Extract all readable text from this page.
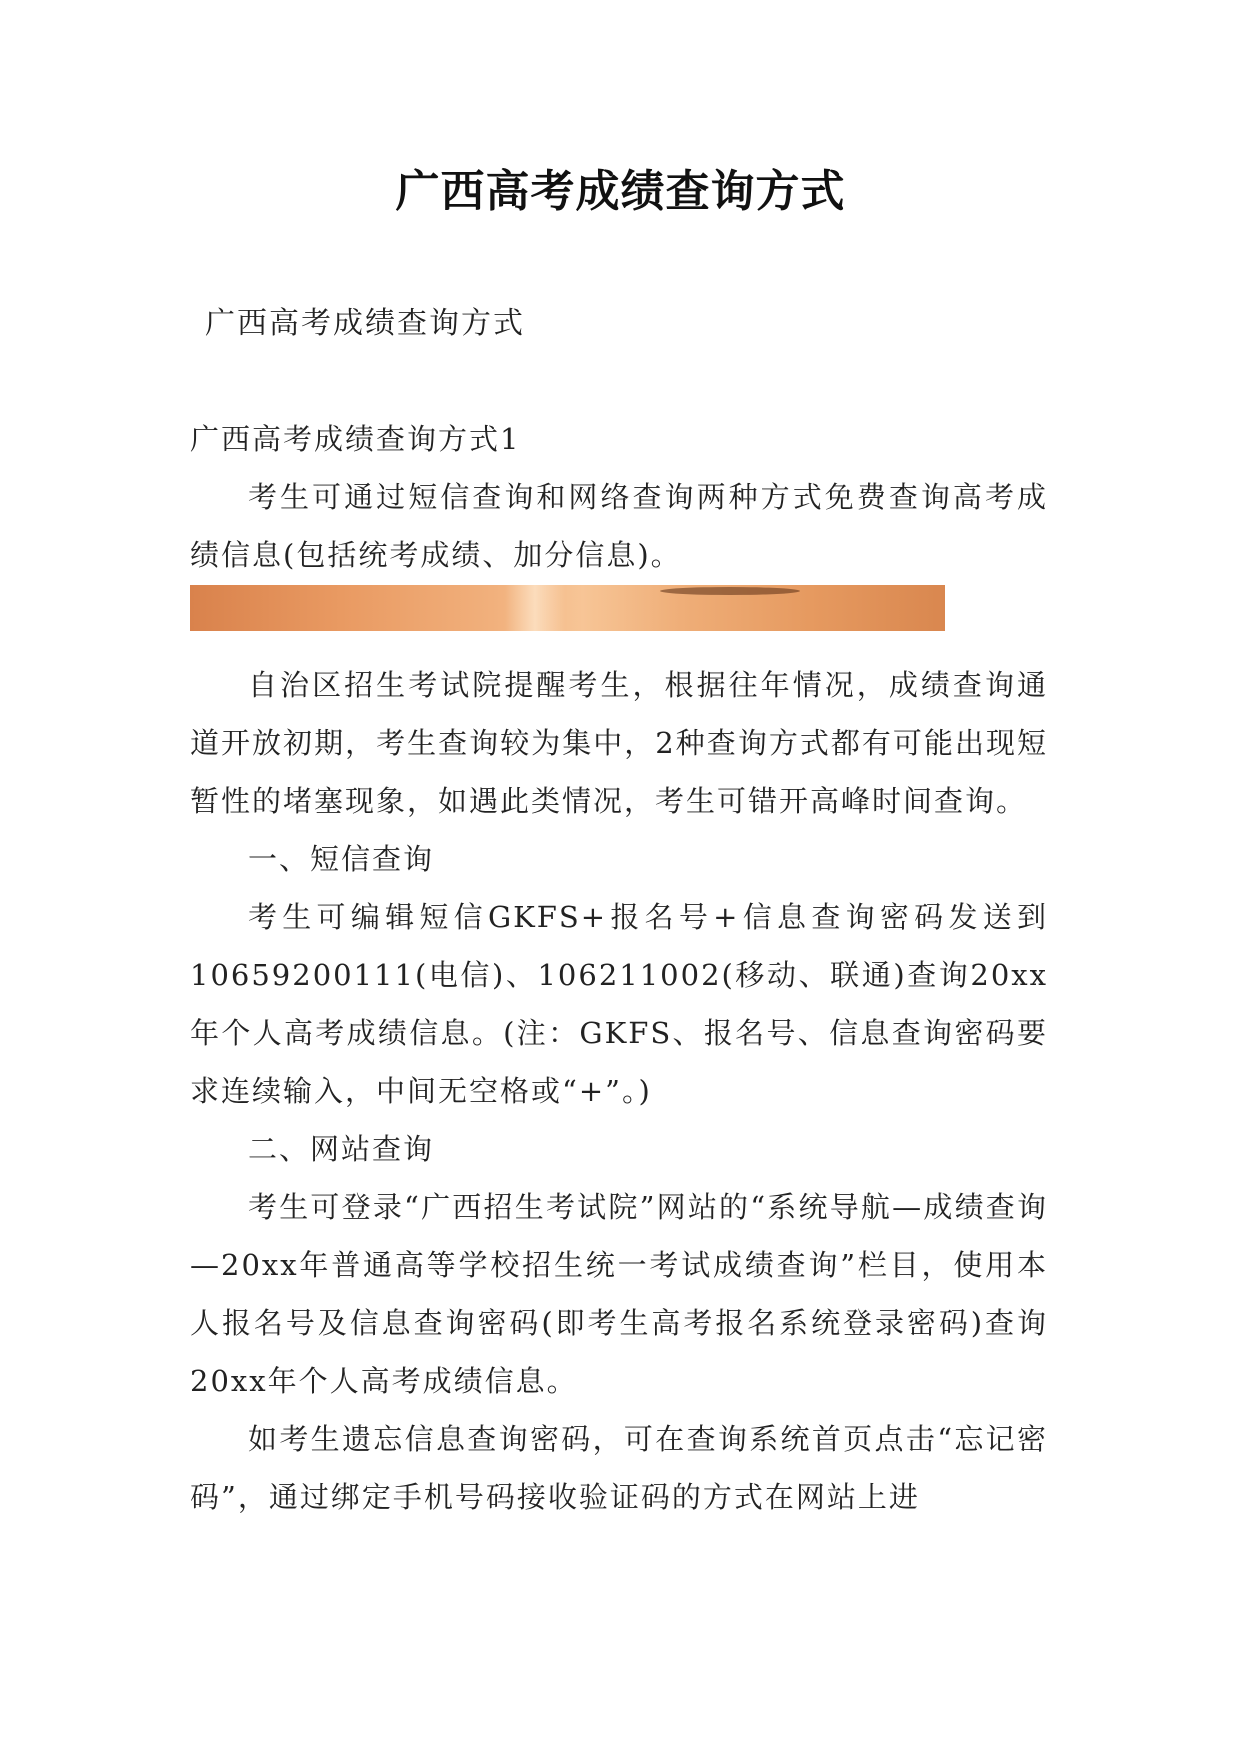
广西高考成绩查询方式
广西高考成绩查询方式

广西高考成绩查询方式1

考生可通过短信查询和网络查询两种方式免费查询高考成绩信息(包括统考成绩、加分信息)。

自治区招生考试院提醒考生，根据往年情况，成绩查询通道开放初期，考生查询较为集中，2种查询方式都有可能出现短暂性的堵塞现象，如遇此类情况，考生可错开高峰时间查询。

一、短信查询

考生可编辑短信GKFS+报名号+信息查询密码发送到10659200111(电信)、106211002(移动、联通)查询20xx年个人高考成绩信息。(注：GKFS、报名号、信息查询密码要求连续输入，中间无空格或“+”。)

二、网站查询

考生可登录“广西招生考试院”网站的“系统导航—成绩查询—20xx年普通高等学校招生统一考试成绩查询”栏目，使用本人报名号及信息查询密码(即考生高考报名系统登录密码)查询20xx年个人高考成绩信息。

如考生遗忘信息查询密码，可在查询系统首页点击“忘记密码”，通过绑定手机号码接收验证码的方式在网站上进
